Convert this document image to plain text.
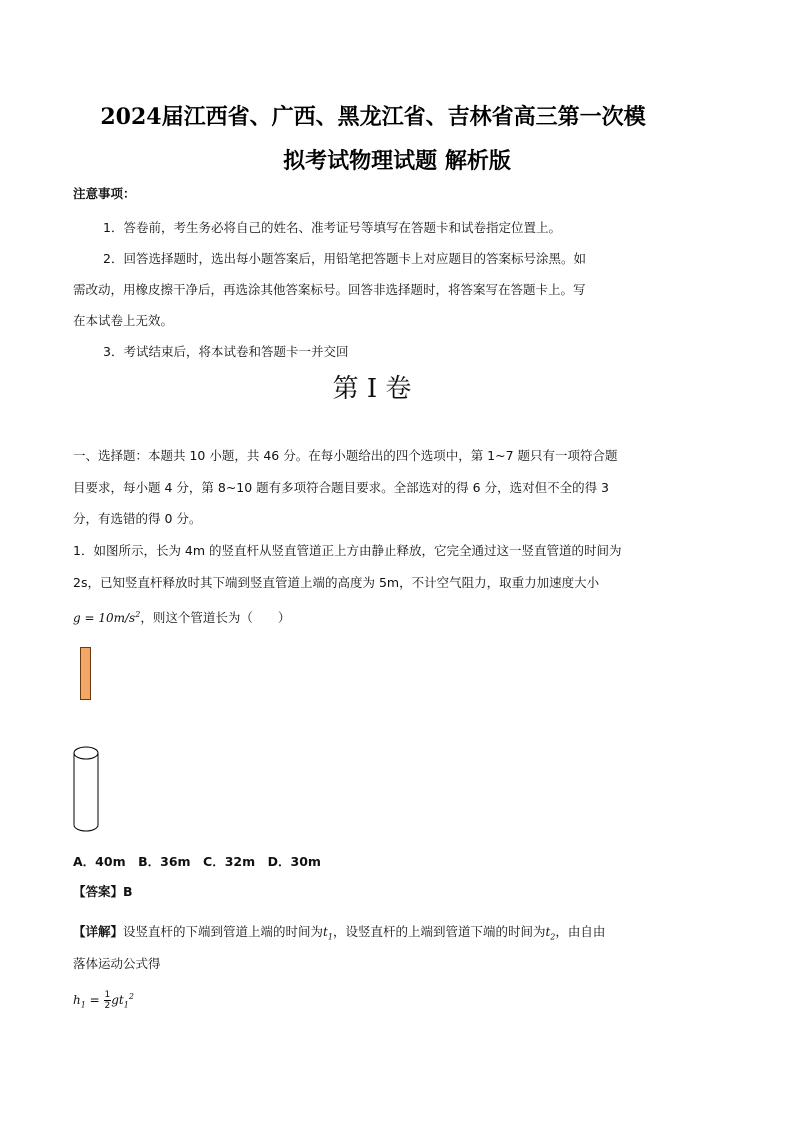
2024届江西省、广西、黑龙江省、吉林省高三第一次模
拟考试物理试题 解析版
注意事项：
1．答卷前，考生务必将自己的姓名、准考证号等填写在答题卡和试卷指定位置上。
2．回答选择题时，选出每小题答案后，用铅笔把答题卡上对应题目的答案标号涂黑。如
需改动，用橡皮擦干净后，再选涂其他答案标号。回答非选择题时，将答案写在答题卡上。写
在本试卷上无效。
3．考试结束后，将本试卷和答题卡一并交回
第 I 卷
一、选择题：本题共 10 小题，共 46 分。在每小题给出的四个选项中，第 1~7 题只有一项符合题
目要求，每小题 4 分，第 8~10 题有多项符合题目要求。全部选对的得 6 分，选对但不全的得 3
分，有选错的得 0 分。
1．如图所示，长为 4m 的竖直杆从竖直管道正上方由静止释放，它完全通过这一竖直管道的时间为
2s，已知竖直杆释放时其下端到竖直管道上端的高度为 5m，不计空气阻力，取重力加速度大小
$g = 10m/s^2$，则这个管道长为（　　）
A．40m　B．36m　C．32m　D．30m
【答案】B
【详解】设竖直杆的下端到管道上端的时间为$t_1$，设竖直杆的上端到管道下端的时间为$t_2$，由自由
落体运动公式得
$h_1 = \frac{1}{2} gt_1^2$
